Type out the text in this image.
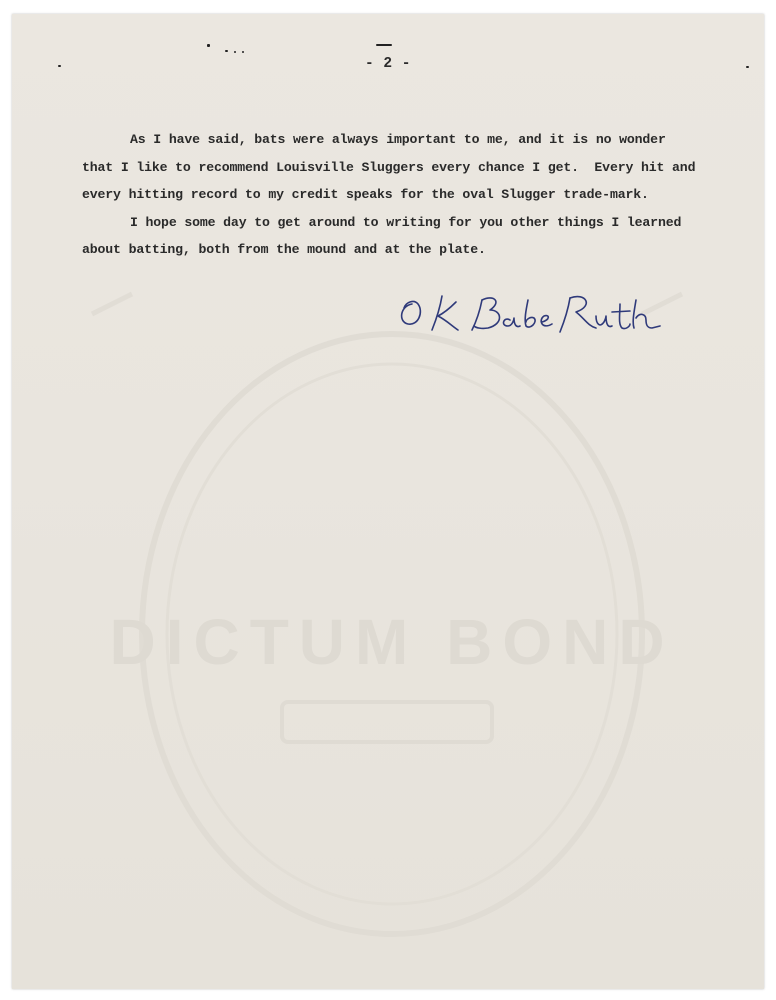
DICTUM BOND
- 2 -
As I have said, bats were always important to me, and it is no wonder
that I like to recommend Louisville Sluggers every chance I get.  Every hit and
every hitting record to my credit speaks for the oval Slugger trade-mark.
I hope some day to get around to writing for you other things I learned
about batting, both from the mound and at the plate.
